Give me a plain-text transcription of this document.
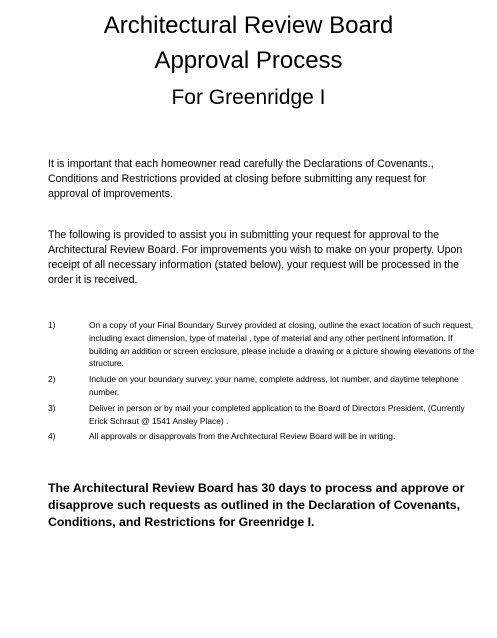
Architectural Review Board
Approval Process
For Greenridge I
It is important that each homeowner read carefully the Declarations of Covenants., Conditions and Restrictions provided at closing before submitting any request for approval of improvements.
The following is provided to assist you in submitting your request for approval to the Architectural Review Board. For improvements you wish to make on your property. Upon receipt of all necessary information (stated below), your request will be processed in the order it is received.
1)	On a copy of your Final Boundary Survey provided at closing, outline the exact location of such request, including exact dimension, type of material , type of material and any other pertinent information. If building an addition or screen enclosure, please include a drawing or a picture showing elevations of the structure.
2)	Include on your boundary survey: your name, complete address, lot number, and daytime telephone number.
3)	Deliver in person or by mail your completed application to the Board of Directors President, (Currently Erick Schraut @ 1541 Ansley Place) .
4)	All approvals or disapprovals from the Architectural Review Board will be in writing.
The Architectural Review Board has 30 days to process and approve or disapprove such requests as outlined in the Declaration of Covenants, Conditions, and Restrictions for Greenridge I.
